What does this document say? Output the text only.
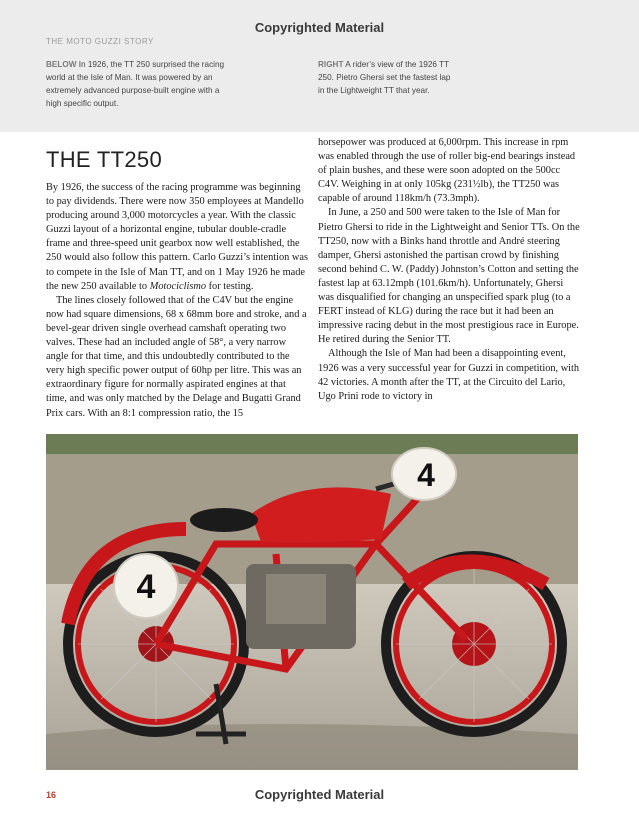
THE MOTO GUZZI STORY
Copyrighted Material
BELOW In 1926, the TT 250 surprised the racing world at the Isle of Man. It was powered by an extremely advanced purpose-built engine with a high specific output.
RIGHT A rider’s view of the 1926 TT 250. Pietro Ghersi set the fastest lap in the Lightweight TT that year.
THE TT250

By 1926, the success of the racing programme was beginning to pay dividends. There were now 350 employees at Mandello producing around 3,000 motorcycles a year. With the classic Guzzi layout of a horizontal engine, tubular double-cradle frame and three-speed unit gearbox now well established, the 250 would also follow this pattern. Carlo Guzzi’s intention was to compete in the Isle of Man TT, and on 1 May 1926 he made the new 250 available to Motociclismo for testing.

The lines closely followed that of the C4V but the engine now had square dimensions, 68 x 68mm bore and stroke, and a bevel-gear driven single overhead camshaft operating two valves. These had an included angle of 58°, a very narrow angle for that time, and this undoubtedly contributed to the very high specific power output of 60hp per litre. This was an extraordinary figure for normally aspirated engines at that time, and was only matched by the Delage and Bugatti Grand Prix cars. With an 8:1 compression ratio, the 15

horsepower was produced at 6,000rpm. This increase in rpm was enabled through the use of roller big-end bearings instead of plain bushes, and these were soon adopted on the 500cc C4V. Weighing in at only 105kg (231½lb), the TT250 was capable of around 118km/h (73.3mph).

In June, a 250 and 500 were taken to the Isle of Man for Pietro Ghersi to ride in the Lightweight and Senior TTs. On the TT250, now with a Binks hand throttle and André steering damper, Ghersi astonished the partisan crowd by finishing second behind C. W. (Paddy) Johnston’s Cotton and setting the fastest lap at 63.12mph (101.6km/h). Unfortunately, Ghersi was disqualified for changing an unspecified spark plug (to a FERT instead of KLG) during the race but it had been an impressive racing debut in the most prestigious race in Europe. He retired during the Senior TT.

Although the Isle of Man had been a disappointing event, 1926 was a very successful year for Guzzi in competition, with 42 victories. A month after the TT, at the Circuito del Lario, Ugo Prini rode to victory in

4
4
16	Copyrighted Material
